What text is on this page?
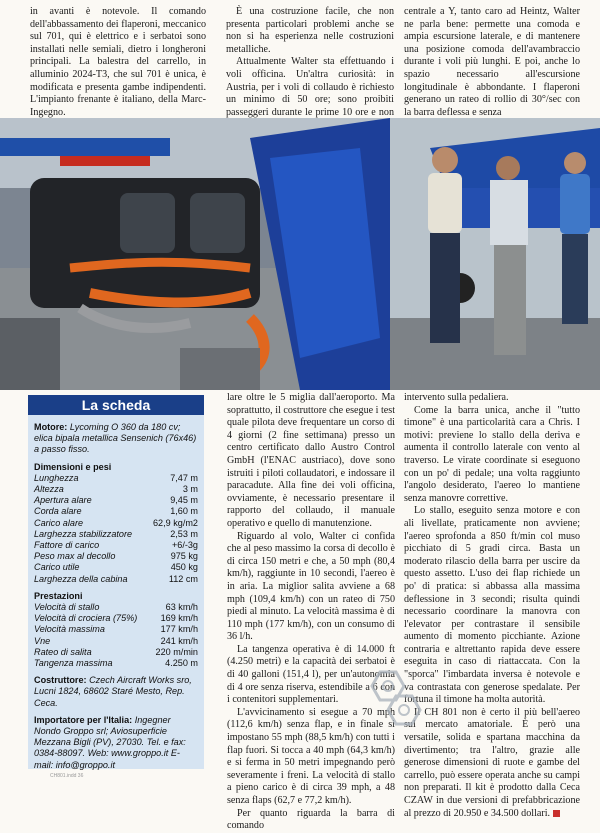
in avanti è notevole. Il comando dell'abbassamento dei flaperoni, meccanico sul 701, qui è elettrico e i serbatoi sono installati nelle semiali, dietro i longheroni principali. La balestra del carrello, in alluminio 2024-T3, che sul 701 è unica, è modificata e presenta gambe indipendenti. L'impianto frenante è italiano, della Marc-Ingegno.

È una costruzione facile, che non presenta particolari problemi anche se non si ha esperienza nelle costruzioni metalliche.

Attualmente Walter sta effettuando i voli officina. Un'altra curiosità: in Austria, per i voli di collaudo è richiesto un minimo di 50 ore; sono proibiti passeggeri durante le prime 10 ore e non

centrale a Y, tanto caro ad Heintz, Walter ne parla bene: permette una comoda e ampia escursione laterale, e di mantenere una posizione comoda dell'avambraccio durante i voli più lunghi. E poi, anche lo spazio necessario all'escursione longitudinale è abbondante. I flaperoni generano un rateo di rollio di 30°/sec con la barra deflessa e senza

La scheda
Motore: Lycoming O 360 da 180 cv; elica bipala metallica Sensenich (76x46) a passo fisso.
Dimensioni e pesi
Lunghezza	7,47 m
Altezza	3 m
Apertura alare	9,45 m
Corda alare	1,60 m
Carico alare	62,9 kg/m2
Larghezza stabilizzatore	2,53 m
Fattore di carico	+6/-3g
Peso max al decollo	975 kg
Carico utile	450 kg
Larghezza della cabina	112 cm
Prestazioni
Velocità di stallo	63 km/h
Velocità di crociera (75%)	169 km/h
Velocità massima	177 km/h
Vne	241 km/h
Rateo di salita	220 m/min
Tangenza massima	4.250 m
Costruttore: Czech Aircraft Works sro, Lucni 1824, 68602 Staré Mesto, Rep. Ceca.
Importatore per l'Italia: Ingegner Nondo Groppo srl; Aviosuperficie Mezzana Bigli (PV), 27030. Tel. e fax: 0384-88097. Web: www.groppo.it E-mail: info@groppo.it

lare oltre le 5 miglia dall'aeroporto. Ma soprattutto, il costruttore che esegue i test quale pilota deve frequentare un corso di 4 giorni (2 fine settimana) presso un centro certificato dallo Austro Control GmbH (l'ENAC austriaco), dove sono istruiti i piloti collaudatori, e indossare il paracadute. Alla fine dei voli officina, ovviamente, è necessario presentare il rapporto del collaudo, il manuale operativo e quello di manutenzione.

Riguardo al volo, Walter ci confida che al peso massimo la corsa di decollo è di circa 150 metri e che, a 50 mph (80,4 km/h), raggiunte in 10 secondi, l'aereo è in aria. La miglior salita avviene a 68 mph (109,4 km/h) con un rateo di 750 piedi al minuto. La velocità massima è di 110 mph (177 km/h), con un consumo di 36 l/h.

La tangenza operativa è di 14.000 ft (4.250 metri) e la capacità dei serbatoi è di 40 galloni (151,4 l), per un'autonomia di 4 ore senza riserva, estendibile a 6 con i contenitori supplementari.

L'avvicinamento si esegue a 70 mph (112,6 km/h) senza flap, e in finale si impostano 55 mph (88,5 km/h) con tutti i flap fuori. Si tocca a 40 mph (64,3 km/h) e si ferma in 50 metri impegnando però severamente i freni. La velocità di stallo a pieno carico è di circa 39 mph, a 48 senza flaps (62,7 e 77,2 km/h).

Per quanto riguarda la barra di comando

intervento sulla pedaliera.

Come la barra unica, anche il "tutto timone" è una particolarità cara a Chris. I motivi: previene lo stallo della deriva e aumenta il controllo laterale con vento al traverso. Le virate coordinate si eseguono con un po' di pedale; una volta raggiunto l'angolo desiderato, l'aereo lo mantiene senza manovre correttive.

Lo stallo, eseguito senza motore e con ali livellate, praticamente non avviene; l'aereo sprofonda a 850 ft/min col muso picchiato di 5 gradi circa. Basta un moderato rilascio della barra per uscire da questo assetto. L'uso dei flap richiede un po' di pratica: si abbassa alla massima deflessione in 3 secondi; risulta quindi necessario coordinare la manovra con l'elevator per contrastare il sensibile aumento di momento picchiante. Azione contraria e altrettanto rapida deve essere eseguita in caso di riattaccata. Con la "sporca" l'imbardata inversa è notevole e va contrastata con generose spedalate. Per fortuna il timone ha molta autorità.

Il CH 801 non è certo il più bell'aereo sul mercato amatoriale. È però una versatile, solida e spartana macchina da divertimento; tra l'altro, grazie alle generose dimensioni di ruote e gambe del carrello, può essere operata anche su campi non preparati. Il kit è prodotto dalla Ceca CZAW in due versioni di prefabbricazione al prezzo di 20.950 e 34.500 dollari.

CH801.indd 36
